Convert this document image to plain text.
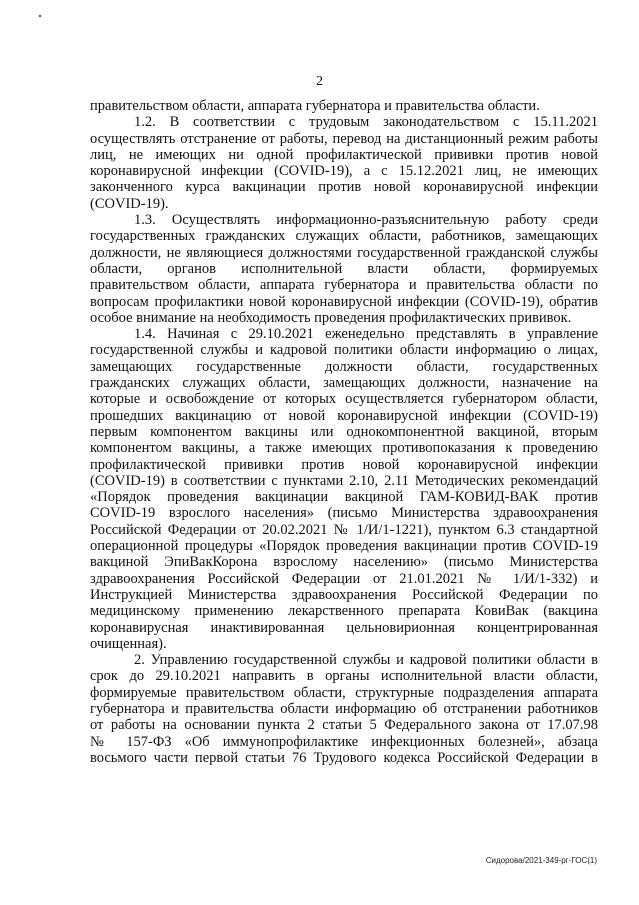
2
правительством области, аппарата губернатора и правительства области.
1.2. В соответствии с трудовым законодательством с 15.11.2021
осуществлять отстранение от работы, перевод на дистанционный режим работы
лиц, не имеющих ни одной профилактической прививки против новой
коронавирусной инфекции (COVID-19), а с 15.12.2021 лиц, не имеющих
законченного курса вакцинации против новой коронавирусной инфекции
(COVID-19).
1.3. Осуществлять информационно-разъяснительную работу среди
государственных гражданских служащих области, работников, замещающих
должности, не являющиеся должностями государственной гражданской службы
области, органов исполнительной власти области, формируемых
правительством области, аппарата губернатора и правительства области по
вопросам профилактики новой коронавирусной инфекции (COVID-19), обратив
особое внимание на необходимость проведения профилактических прививок.
1.4. Начиная с 29.10.2021 еженедельно представлять в управление
государственной службы и кадровой политики области информацию о лицах,
замещающих государственные должности области, государственных
гражданских служащих области, замещающих должности, назначение на
которые и освобождение от которых осуществляется губернатором области,
прошедших вакцинацию от новой коронавирусной инфекции (COVID-19)
первым компонентом вакцины или однокомпонентной вакциной, вторым
компонентом вакцины, а также имеющих противопоказания к проведению
профилактической прививки против новой коронавирусной инфекции
(COVID-19) в соответствии с пунктами 2.10, 2.11 Методических рекомендаций
«Порядок проведения вакцинации вакциной ГАМ-КОВИД-ВАК против
COVID-19 взрослого населения» (письмо Министерства здравоохранения
Российской Федерации от 20.02.2021 № 1/И/1-1221), пунктом 6.3 стандартной
операционной процедуры «Порядок проведения вакцинации против COVID-19
вакциной ЭпиВакКорона взрослому населению» (письмо Министерства
здравоохранения Российской Федерации от 21.01.2021 № 1/И/1-332) и
Инструкцией Министерства здравоохранения Российской Федерации по
медицинскому применению лекарственного препарата КовиВак (вакцина
коронавирусная инактивированная цельновирионная концентрированная
очищенная).
2. Управлению государственной службы и кадровой политики области в
срок до 29.10.2021 направить в органы исполнительной власти области,
формируемые правительством области, структурные подразделения аппарата
губернатора и правительства области информацию об отстранении работников
от работы на основании пункта 2 статьи 5 Федерального закона от 17.07.98
№ 157-ФЗ «Об иммунопрофилактике инфекционных болезней», абзаца
восьмого части первой статьи 76 Трудового кодекса Российской Федерации в
Сидорова/2021-349-рг-ГОС(1)
